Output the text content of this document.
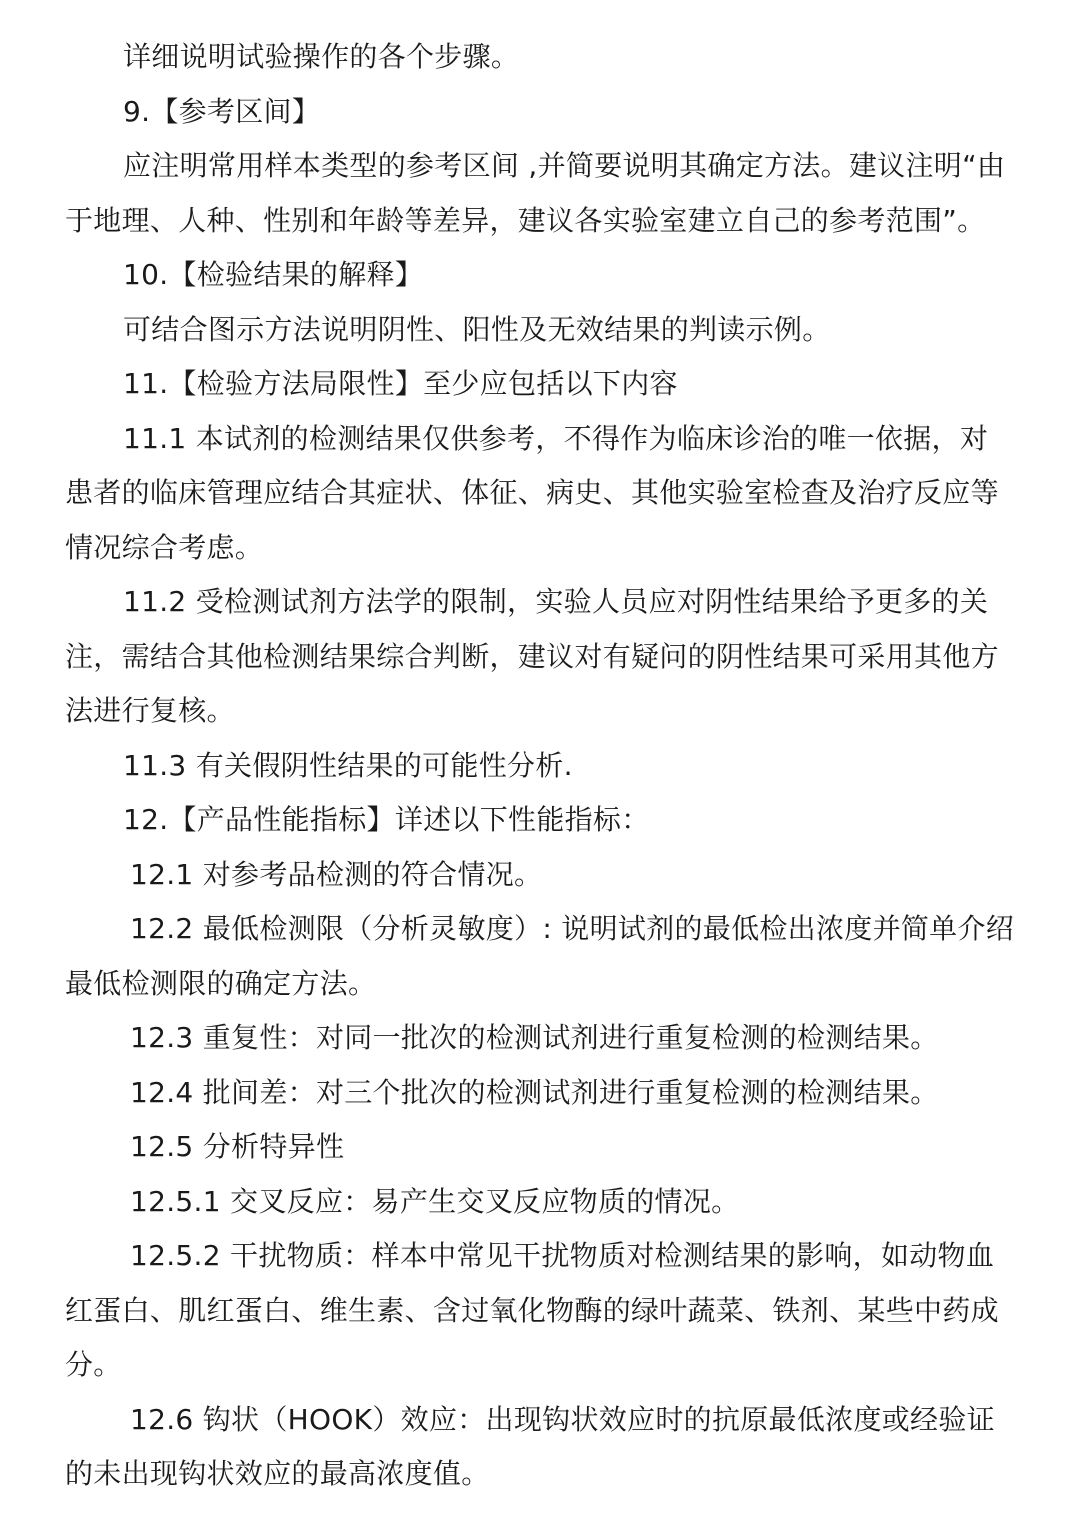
详细说明试验操作的各个步骤。
9.【参考区间】
应注明常用样本类型的参考区间 ,并简要说明其确定方法。建议注明“由
于地理、人种、性别和年龄等差异，建议各实验室建立自己的参考范围”。
10.【检验结果的解释】
可结合图示方法说明阴性、阳性及无效结果的判读示例。
11.【检验方法局限性】至少应包括以下内容
11.1 本试剂的检测结果仅供参考，不得作为临床诊治的唯一依据，对
患者的临床管理应结合其症状、体征、病史、其他实验室检查及治疗反应等
情况综合考虑。
11.2 受检测试剂方法学的限制，实验人员应对阴性结果给予更多的关
注，需结合其他检测结果综合判断，建议对有疑问的阴性结果可采用其他方
法进行复核。
11.3 有关假阴性结果的可能性分析.
12.【产品性能指标】详述以下性能指标：
12.1 对参考品检测的符合情况。
12.2 最低检测限（分析灵敏度）: 说明试剂的最低检出浓度并简单介绍
最低检测限的确定方法。
12.3 重复性：对同一批次的检测试剂进行重复检测的检测结果。
12.4 批间差：对三个批次的检测试剂进行重复检测的检测结果。
12.5 分析特异性
12.5.1 交叉反应：易产生交叉反应物质的情况。
12.5.2 干扰物质：样本中常见干扰物质对检测结果的影响，如动物血
红蛋白、肌红蛋白、维生素、含过氧化物酶的绿叶蔬菜、铁剂、某些中药成
分。
12.6 钩状（HOOK）效应：出现钩状效应时的抗原最低浓度或经验证
的未出现钩状效应的最高浓度值。
